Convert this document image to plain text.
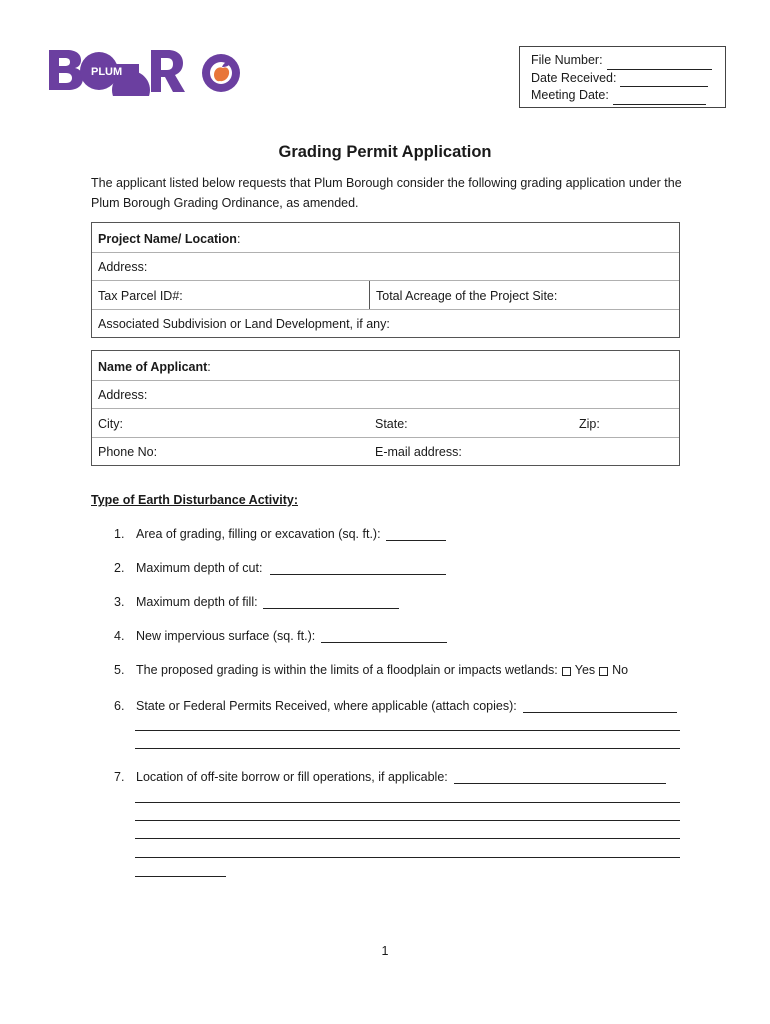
PLUM
BORO
File Number:
Date Received:
Meeting Date:
Grading Permit Application
The applicant listed below requests that Plum Borough consider the following grading application under the Plum Borough Grading Ordinance, as amended.
Project Name/ Location :
Address:
Tax Parcel ID#:	Total Acreage of the Project Site:
Associated Subdivision or Land Development, if any:
Name of Applicant :
Address:
City:	State:	Zip:
Phone No:	E-mail address:
Type of Earth Disturbance Activity:
1. Area of grading, filling or excavation (sq. ft.):
2. Maximum depth of cut:
3. Maximum depth of fill:
4. New impervious surface (sq. ft.):
5. The proposed grading is within the limits of a floodplain or impacts wetlands: Yes No
6. State or Federal Permits Received, where applicable (attach copies):
7. Location of off-site borrow or fill operations, if applicable:
1
